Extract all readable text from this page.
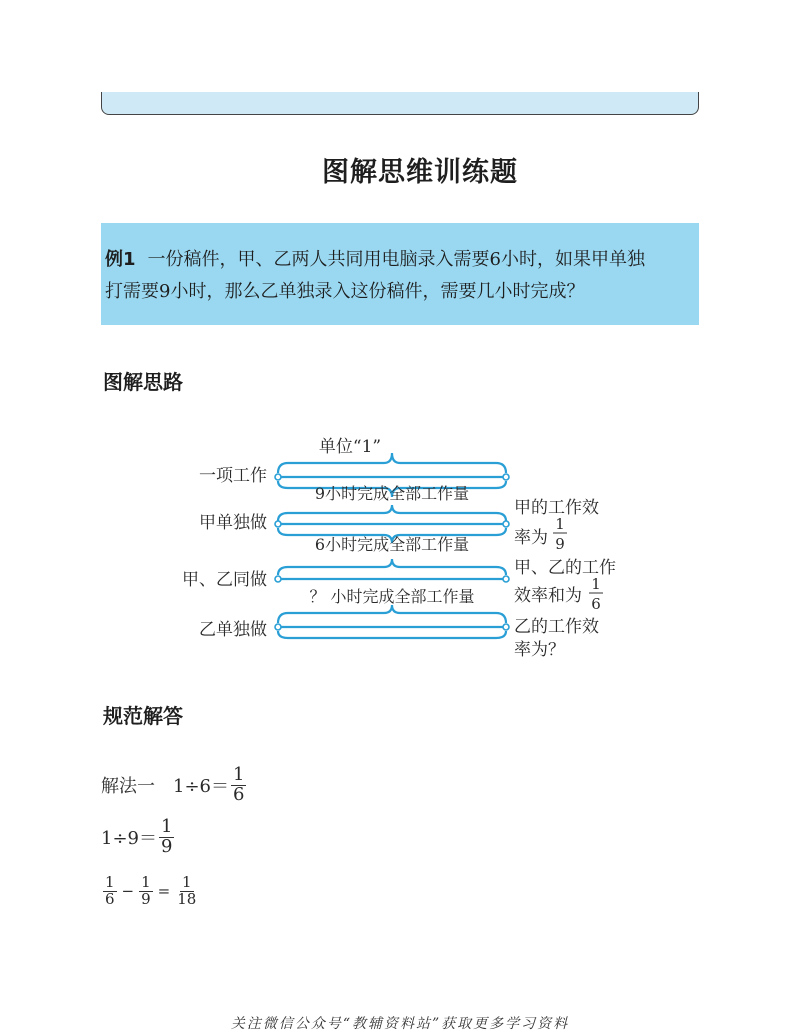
图解思维训练题
例1 一份稿件，甲、乙两人共同用电脑录入需要6小时，如果甲单独
打需要9小时，那么乙单独录入这份稿件，需要几小时完成？
图解思路
单位“1”
一项工作
9小时完成全部工作量
甲单独做
6小时完成全部工作量
甲、乙同做
？ 小时完成全部工作量
乙单独做
甲的工作效
率为
1
9
甲、乙的工作
效率和为
1
6
乙的工作效
率为？
规范解答
解法一 $1\div 6= \frac{1}{6}$
$1\div 9= \frac{1}{9}$
$\frac{1}{6} - \frac{1}{9} = \frac{1}{18}$
关注微信公众号“教辅资料站”获取更多学习资料
